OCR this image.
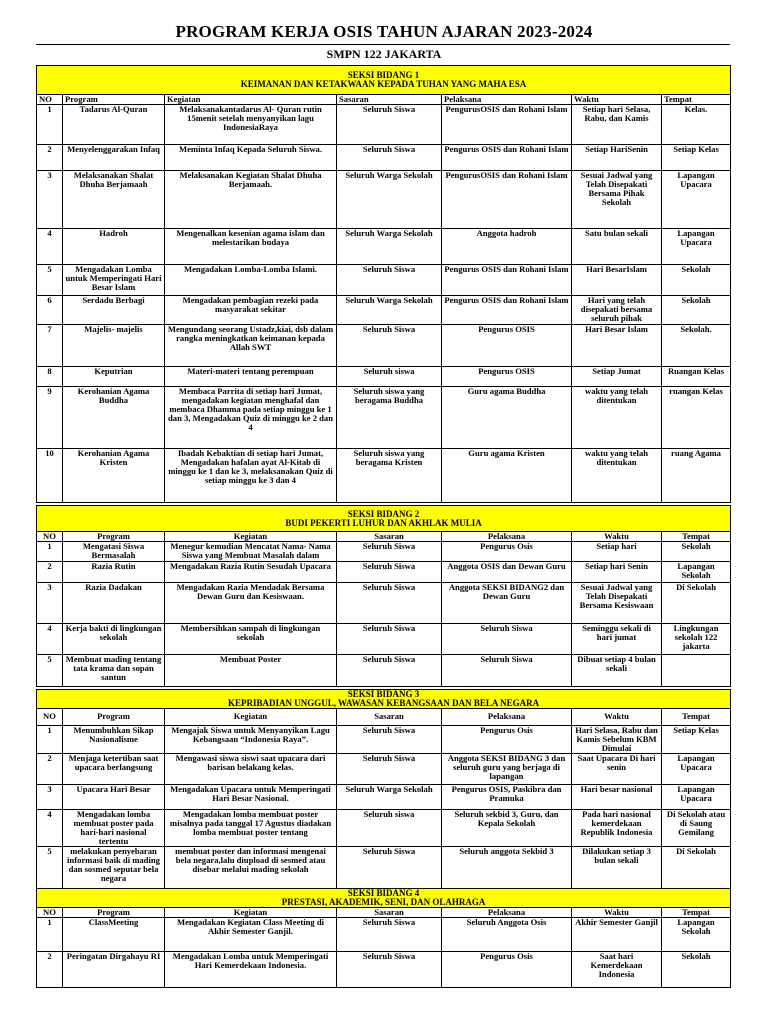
PROGRAM KERJA OSIS TAHUN AJARAN 2023-2024
SMPN 122 JAKARTA
SEKSI BIDANG 1
KEIMANAN DAN KETAKWAAN KEPADA TUHAN YANG MAHA ESA						

NO	Program	Kegiatan	Sasaran	Pelaksana	Waktu	Tempat
1	Tadarus Al-Quran	Melaksanakantadarus Al- Quran rutin 15menit setelah menyanyikan lagu IndonesiaRaya	Seluruh Siswa	PengurusOSIS dan Rohani Islam	Setiap hari Selasa, Rabu, dan Kamis	Kelas.
2	Menyelenggarakan Infaq	Meminta Infaq Kepada Seluruh Siswa.	Seluruh Siswa	Pengurus OSIS dan Rohani Islam	Setiap HariSenin	Setiap Kelas
3	Melaksanakan Shalat Dhuha Berjamaah	Melaksanakan Kegiatan Shalat Dhuha Berjamaah.	Seluruh Warga Sekolah	PengurusOSIS dan Rohani Islam	Sesuai Jadwal yang Telah Disepakati Bersama Pihak Sekolah	Lapangan Upacara
4	Hadroh	Mengenalkan kesenian agama islam dan melestarikan budaya	Seluruh Warga Sekolah	Anggota hadroh	Satu bulan sekali	Lapangan Upacara
5	Mengadakan Lomba untuk Memperingati Hari Besar Islam	Mengadakan Lomba-Lomba Islami.	Seluruh Siswa	Pengurus OSIS dan Rohani Islam	Hari BesarIslam	Sekolah
6	Serdadu Berbagi	Mengadakan pembagian rezeki pada masyarakat sekitar	Seluruh Warga Sekolah	Pengurus OSIS dan Rohani Islam	Hari yang telah disepakati bersama seluruh pihak	Sekolah
7	Majelis- majelis	Mengundang seorang Ustadz,kiai, dsb dalam rangka meningkatkan keimanan kepada Allah SWT	Seluruh Siswa	Pengurus OSIS	Hari Besar Islam	Sekolah.
8	Keputrian	Materi-materi tentang perempuan	Seluruh siswa	Pengurus OSIS	Setiap Jumat	Ruangan Kelas
9	Kerohanian Agama Buddha	Membaca Parrita di setiap hari Jumat, mengadakan kegiatan menghafal dan membaca Dhamma pada setiap minggu ke 1 dan 3, Mengadakan Quiz di minggu ke 2 dan 4	Seluruh siswa yang beragama Buddha	Guru agama Buddha	waktu yang telah ditentukan	ruangan Kelas
10	Kerohanian Agama Kristen	Ibadah Kebaktian di setiap hari Jumat, Mengadakan hafalan ayat Al-Kitab di minggu ke 1 dan ke 3, melaksanakan Quiz di setiap minggu ke 3 dan 4	Seluruh siswa yang beragama Kristen	Guru agama Kristen	waktu yang telah ditentukan	ruang Agama
SEKSI BIDANG 2
BUDI PEKERTI LUHUR DAN AKHLAK MULIA						

NO	Program	Kegiatan	Sasaran	Pelaksana	Waktu	Tempat
1	Mengatasi Siswa Bermasalah	Menegur kemudian Mencatat Nama- Nama Siswa yang Membuat Masalah dalam	Seluruh Siswa	Pengurus Osis	Setiap hari	Sekolah
2	Razia Rutin	Mengadakan Razia Rutin Sesudah Upacara	Seluruh Siswa	Anggota OSIS dan Dewan Guru	Setiap hari Senin	Lapangan Sekolah
3	Razia Dadakan	Mengadakan Razia Mendadak Bersama Dewan Guru dan Kesiswaan.	Seluruh Siswa	Anggota SEKSI BIDANG2 dan Dewan Guru	Sesuai Jadwal yang Telah Disepakati Bersama Kesiswaan	Di Sekolah
4	Kerja bakti di lingkungan sekolah	Membersihkan sampah di lingkungan sekolah	Seluruh Siswa	Seluruh Siswa	Seminggu sekali di hari jumat	Lingkungan sekolah 122 jakarta
5	Membuat mading tentang tata krama dan sopan santun	Membuat Poster	Seluruh Siswa	Seluruh Siswa	Dibuat setiap 4 bulan sekali	
SEKSI BIDANG 3
KEPRIBADIAN UNGGUL, WAWASAN KEBANGSAAN DAN BELA NEGARA						

NO	Program	Kegiatan	Sasaran	Pelaksana	Waktu	Tempat
1	Menumbuhkan Sikap Nasionalisme	Mengajak Siswa untuk Menyanyikan Lagu Kebangsaan “Indonesia Raya”.	Seluruh Siswa	Pengurus Osis	Hari Selasa, Rabu dan Kamis Sebelum KBM Dimulai	Setiap Kelas
2	Menjaga ketertiban saat upacara berlangsung	Mengawasi siswa siswi saat upacara dari barisan belakang kelas.	Seluruh Siswa	Anggota SEKSI BIDANG 3 dan seluruh guru yang berjaga di lapangan	Saat Upacara Di hari senin	Lapangan Upacara
3	Upacara Hari Besar	Mengadakan Upacara untuk Memperingati Hari Besar Nasional.	Seluruh Warga Sekolah	Pengurus OSIS, Paskibra dan Pramuka	Hari besar nasional	Lapangan Upacara
4	Mengadakan lomba membuat poster pada hari-hari nasional tertentu	Mengadakan lomba membuat poster misalnya pada tanggal 17 Agustus diadakan lomba membuat poster tentang	Seluruh siswa	Seluruh sekbid 3, Guru, dan Kepala Sekolah	Pada hari nasional kemerdekaan Republik Indonesia	Di Sekolah atau di Saung Gemilang
5	melakukan penyebaran informasi baik di mading dan sosmed seputar bela negara	membuat poster dan informasi mengenai bela negara,lalu diupload di sesmed atau disebar melalui mading sekolah	Seluruh Siswa	Seluruh anggota Sekbid 3	Dilakukan setiap 3 bulan sekali	Di Sekolah
SEKSI BIDANG 4
PRESTASI, AKADEMIK, SENI, DAN OLAHRAGA						

NO	Program	Kegiatan	Sasaran	Pelaksana	Waktu	Tempat
1	ClassMeeting	Mengadakan Kegiatan Class Meeting di Akhir Semester Ganjil.	Seluruh Siswa	Seluruh Anggota Osis	Akhir Semester Ganjil	Lapangan Sekolah
2	Peringatan Dirgahayu RI	Mengadakan Lomba untuk Memperingati Hari Kemerdekaan Indonesia.	Seluruh Siswa	Pengurus Osis	Saat hari Kemerdekaan Indonesia	Sekolah
